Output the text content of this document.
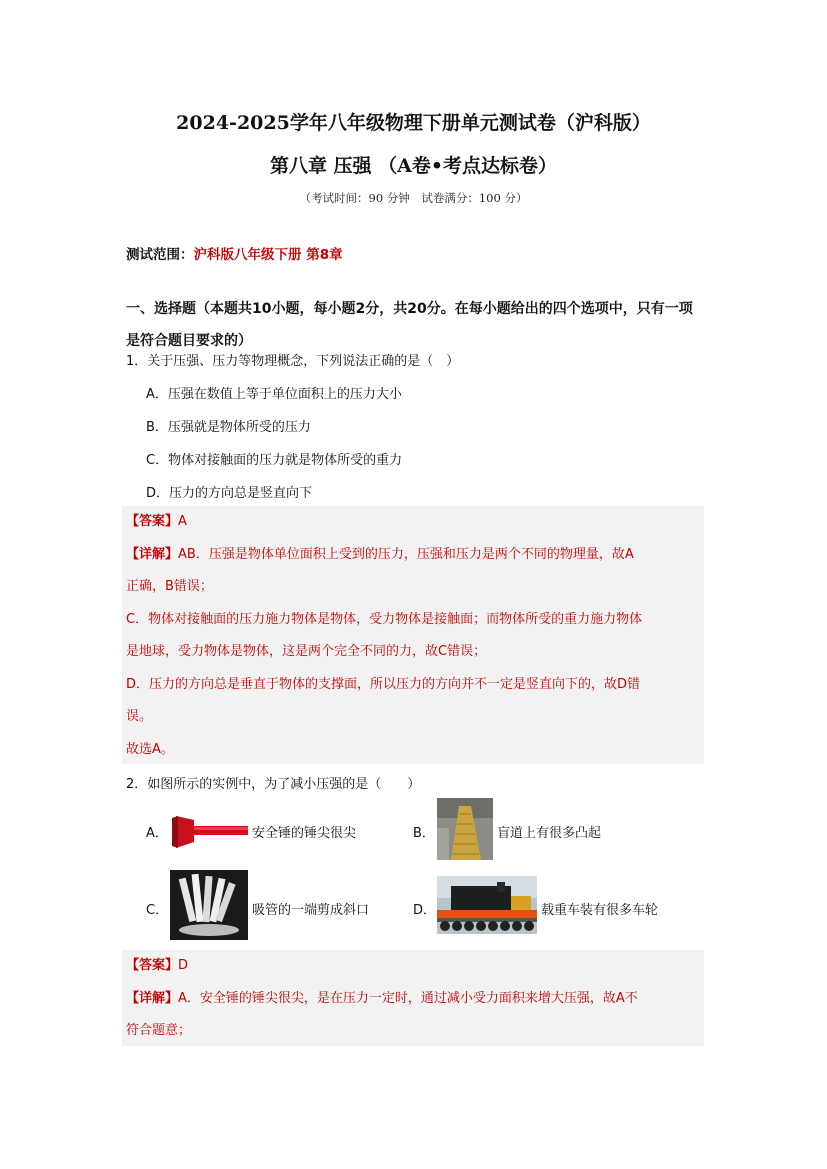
2024-2025学年八年级物理下册单元测试卷（沪科版）
第八章 压强 （A卷•考点达标卷）
（考试时间：90 分钟　试卷满分：100 分）
测试范围：沪科版八年级下册 第8章
一、选择题（本题共10小题，每小题2分，共20分。在每小题给出的四个选项中，只有一项是符合题目要求的）
1．关于压强、压力等物理概念，下列说法正确的是（　）
A．压强在数值上等于单位面积上的压力大小
B．压强就是物体所受的压力
C．物体对接触面的压力就是物体所受的重力
D．压力的方向总是竖直向下
【答案】A
【详解】AB．压强是物体单位面积上受到的压力，压强和压力是两个不同的物理量，故A
正确，B错误；
C．物体对接触面的压力施力物体是物体，受力物体是接触面；而物体所受的重力施力物体
是地球，受力物体是物体，这是两个完全不同的力，故C错误；
D．压力的方向总是垂直于物体的支撑面，所以压力的方向并不一定是竖直向下的，故D错
误。
故选A。
2．如图所示的实例中，为了减小压强的是（　　）
A．	安全锤的锤尖很尖	B．	盲道上有很多凸起
C．	吸管的一端剪成斜口	D．	载重车装有很多车轮
【答案】D
【详解】A．安全锤的锤尖很尖，是在压力一定时，通过减小受力面积来增大压强，故A不
符合题意；
